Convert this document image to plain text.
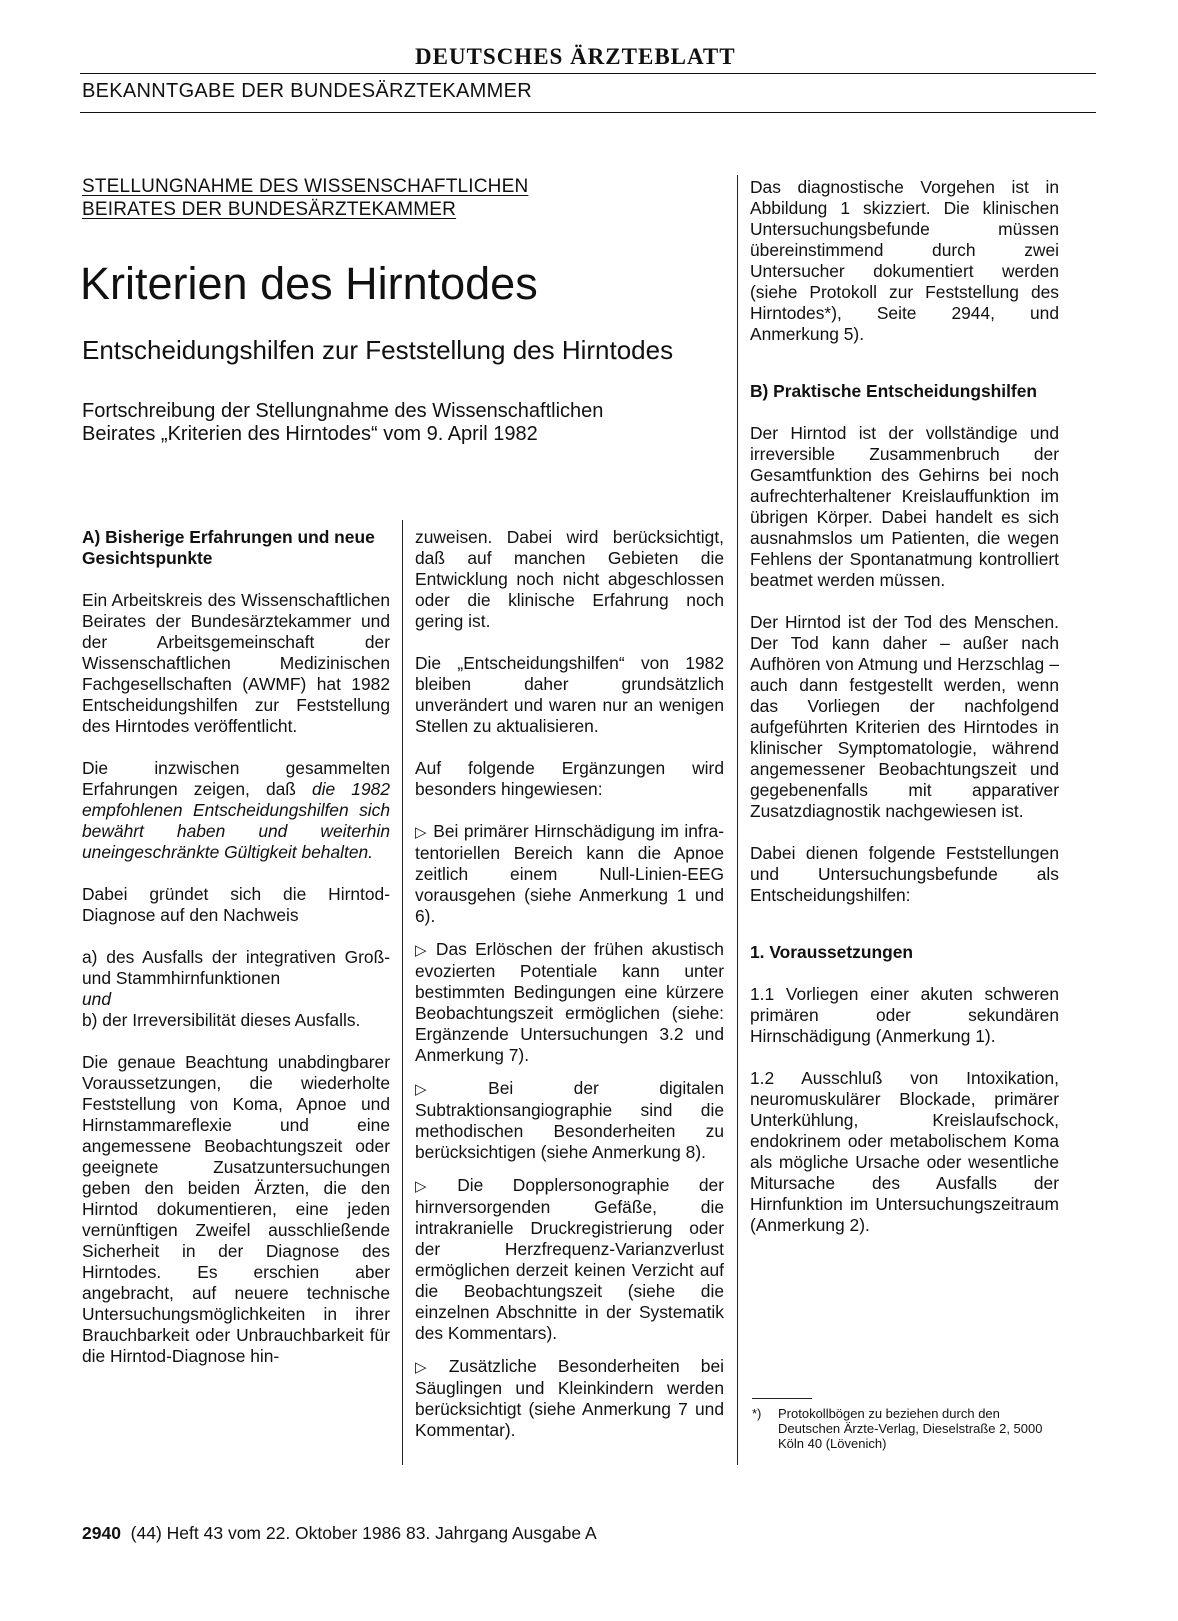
DEUTSCHES ÄRZTEBLATT
BEKANNTGABE DER BUNDESÄRZTEKAMMER
STELLUNGNAHME DES WISSENSCHAFTLICHEN
BEIRATES DER BUNDESÄRZTEKAMMER
Kriterien des Hirntodes
Entscheidungshilfen zur Feststellung des Hirntodes
Fortschreibung der Stellungnahme des Wissenschaftlichen Beirates „Kriterien des Hirntodes“ vom 9. April 1982
A) Bisherige Erfahrungen und neue Gesichtspunkte

Ein Arbeitskreis des Wissenschaftlichen Beirates der Bundesärztekammer und der Arbeitsgemeinschaft der Wissenschaftlichen Medizinischen Fachgesellschaften (AWMF) hat 1982 Entscheidungshilfen zur Feststellung des Hirntodes veröffentlicht.

Die inzwischen gesammelten Erfahrungen zeigen, daß die 1982 empfohlenen Entscheidungshilfen sich bewährt haben und weiterhin uneingeschränkte Gültigkeit behalten.

Dabei gründet sich die Hirntod-Diagnose auf den Nachweis

a) des Ausfalls der integrativen Groß- und Stammhirnfunktionen
und
b) der Irreversibilität dieses Ausfalls.

Die genaue Beachtung unabdingbarer Voraussetzungen, die wiederholte Feststellung von Koma, Apnoe und Hirnstammareflexie und eine angemessene Beobachtungszeit oder geeignete Zusatzuntersuchungen geben den beiden Ärzten, die den Hirntod dokumentieren, eine jeden vernünftigen Zweifel ausschließende Sicherheit in der Diagnose des Hirntodes. Es erschien aber angebracht, auf neuere technische Untersuchungsmöglichkeiten in ihrer Brauchbarkeit oder Unbrauchbarkeit für die Hirntod-Diagnose hin-

zuweisen. Dabei wird berücksichtigt, daß auf manchen Gebieten die Entwicklung noch nicht abgeschlossen oder die klinische Erfahrung noch gering ist.

Die „Entscheidungshilfen“ von 1982 bleiben daher grundsätzlich unverändert und waren nur an wenigen Stellen zu aktualisieren.

Auf folgende Ergänzungen wird besonders hingewiesen:

▷ Bei primärer Hirnschädigung im infra-tentoriellen Bereich kann die Apnoe zeitlich einem Null-Linien-EEG vorausgehen (siehe Anmerkung 1 und 6).

▷ Das Erlöschen der frühen akustisch evozierten Potentiale kann unter bestimmten Bedingungen eine kürzere Beobachtungszeit ermöglichen (siehe: Ergänzende Untersuchungen 3.2 und Anmerkung 7).

▷ Bei der digitalen Subtraktionsangiographie sind die methodischen Besonderheiten zu berücksichtigen (siehe Anmerkung 8).

▷ Die Dopplersonographie der hirnversorgenden Gefäße, die intrakranielle Druckregistrierung oder der Herzfrequenz-Varianzverlust ermöglichen derzeit keinen Verzicht auf die Beobachtungszeit (siehe die einzelnen Abschnitte in der Systematik des Kommentars).

▷ Zusätzliche Besonderheiten bei Säuglingen und Kleinkindern werden berücksichtigt (siehe Anmerkung 7 und Kommentar).

Das diagnostische Vorgehen ist in Abbildung 1 skizziert. Die klinischen Untersuchungsbefunde müssen übereinstimmend durch zwei Untersucher dokumentiert werden (siehe Protokoll zur Feststellung des Hirntodes*), Seite 2944, und Anmerkung 5).

B) Praktische Entscheidungshilfen

Der Hirntod ist der vollständige und irreversible Zusammenbruch der Gesamtfunktion des Gehirns bei noch aufrechterhaltener Kreislauffunktion im übrigen Körper. Dabei handelt es sich ausnahmslos um Patienten, die wegen Fehlens der Spontanatmung kontrolliert beatmet werden müssen.

Der Hirntod ist der Tod des Menschen. Der Tod kann daher – außer nach Aufhören von Atmung und Herzschlag – auch dann festgestellt werden, wenn das Vorliegen der nachfolgend aufgeführten Kriterien des Hirntodes in klinischer Symptomatologie, während angemessener Beobachtungszeit und gegebenenfalls mit apparativer Zusatzdiagnostik nachgewiesen ist.

Dabei dienen folgende Feststellungen und Untersuchungsbefunde als Entscheidungshilfen:

1. Voraussetzungen

1.1 Vorliegen einer akuten schweren primären oder sekundären Hirnschädigung (Anmerkung 1).

1.2 Ausschluß von Intoxikation, neuromuskulärer Blockade, primärer Unterkühlung, Kreislaufschock, endokrinem oder metabolischem Koma als mögliche Ursache oder wesentliche Mitursache des Ausfalls der Hirnfunktion im Untersuchungszeitraum (Anmerkung 2).

*) Protokollbögen zu beziehen durch den Deutschen Ärzte-Verlag, Dieselstraße 2, 5000 Köln 40 (Lövenich)
2940 (44) Heft 43 vom 22. Oktober 1986 83. Jahrgang Ausgabe A
